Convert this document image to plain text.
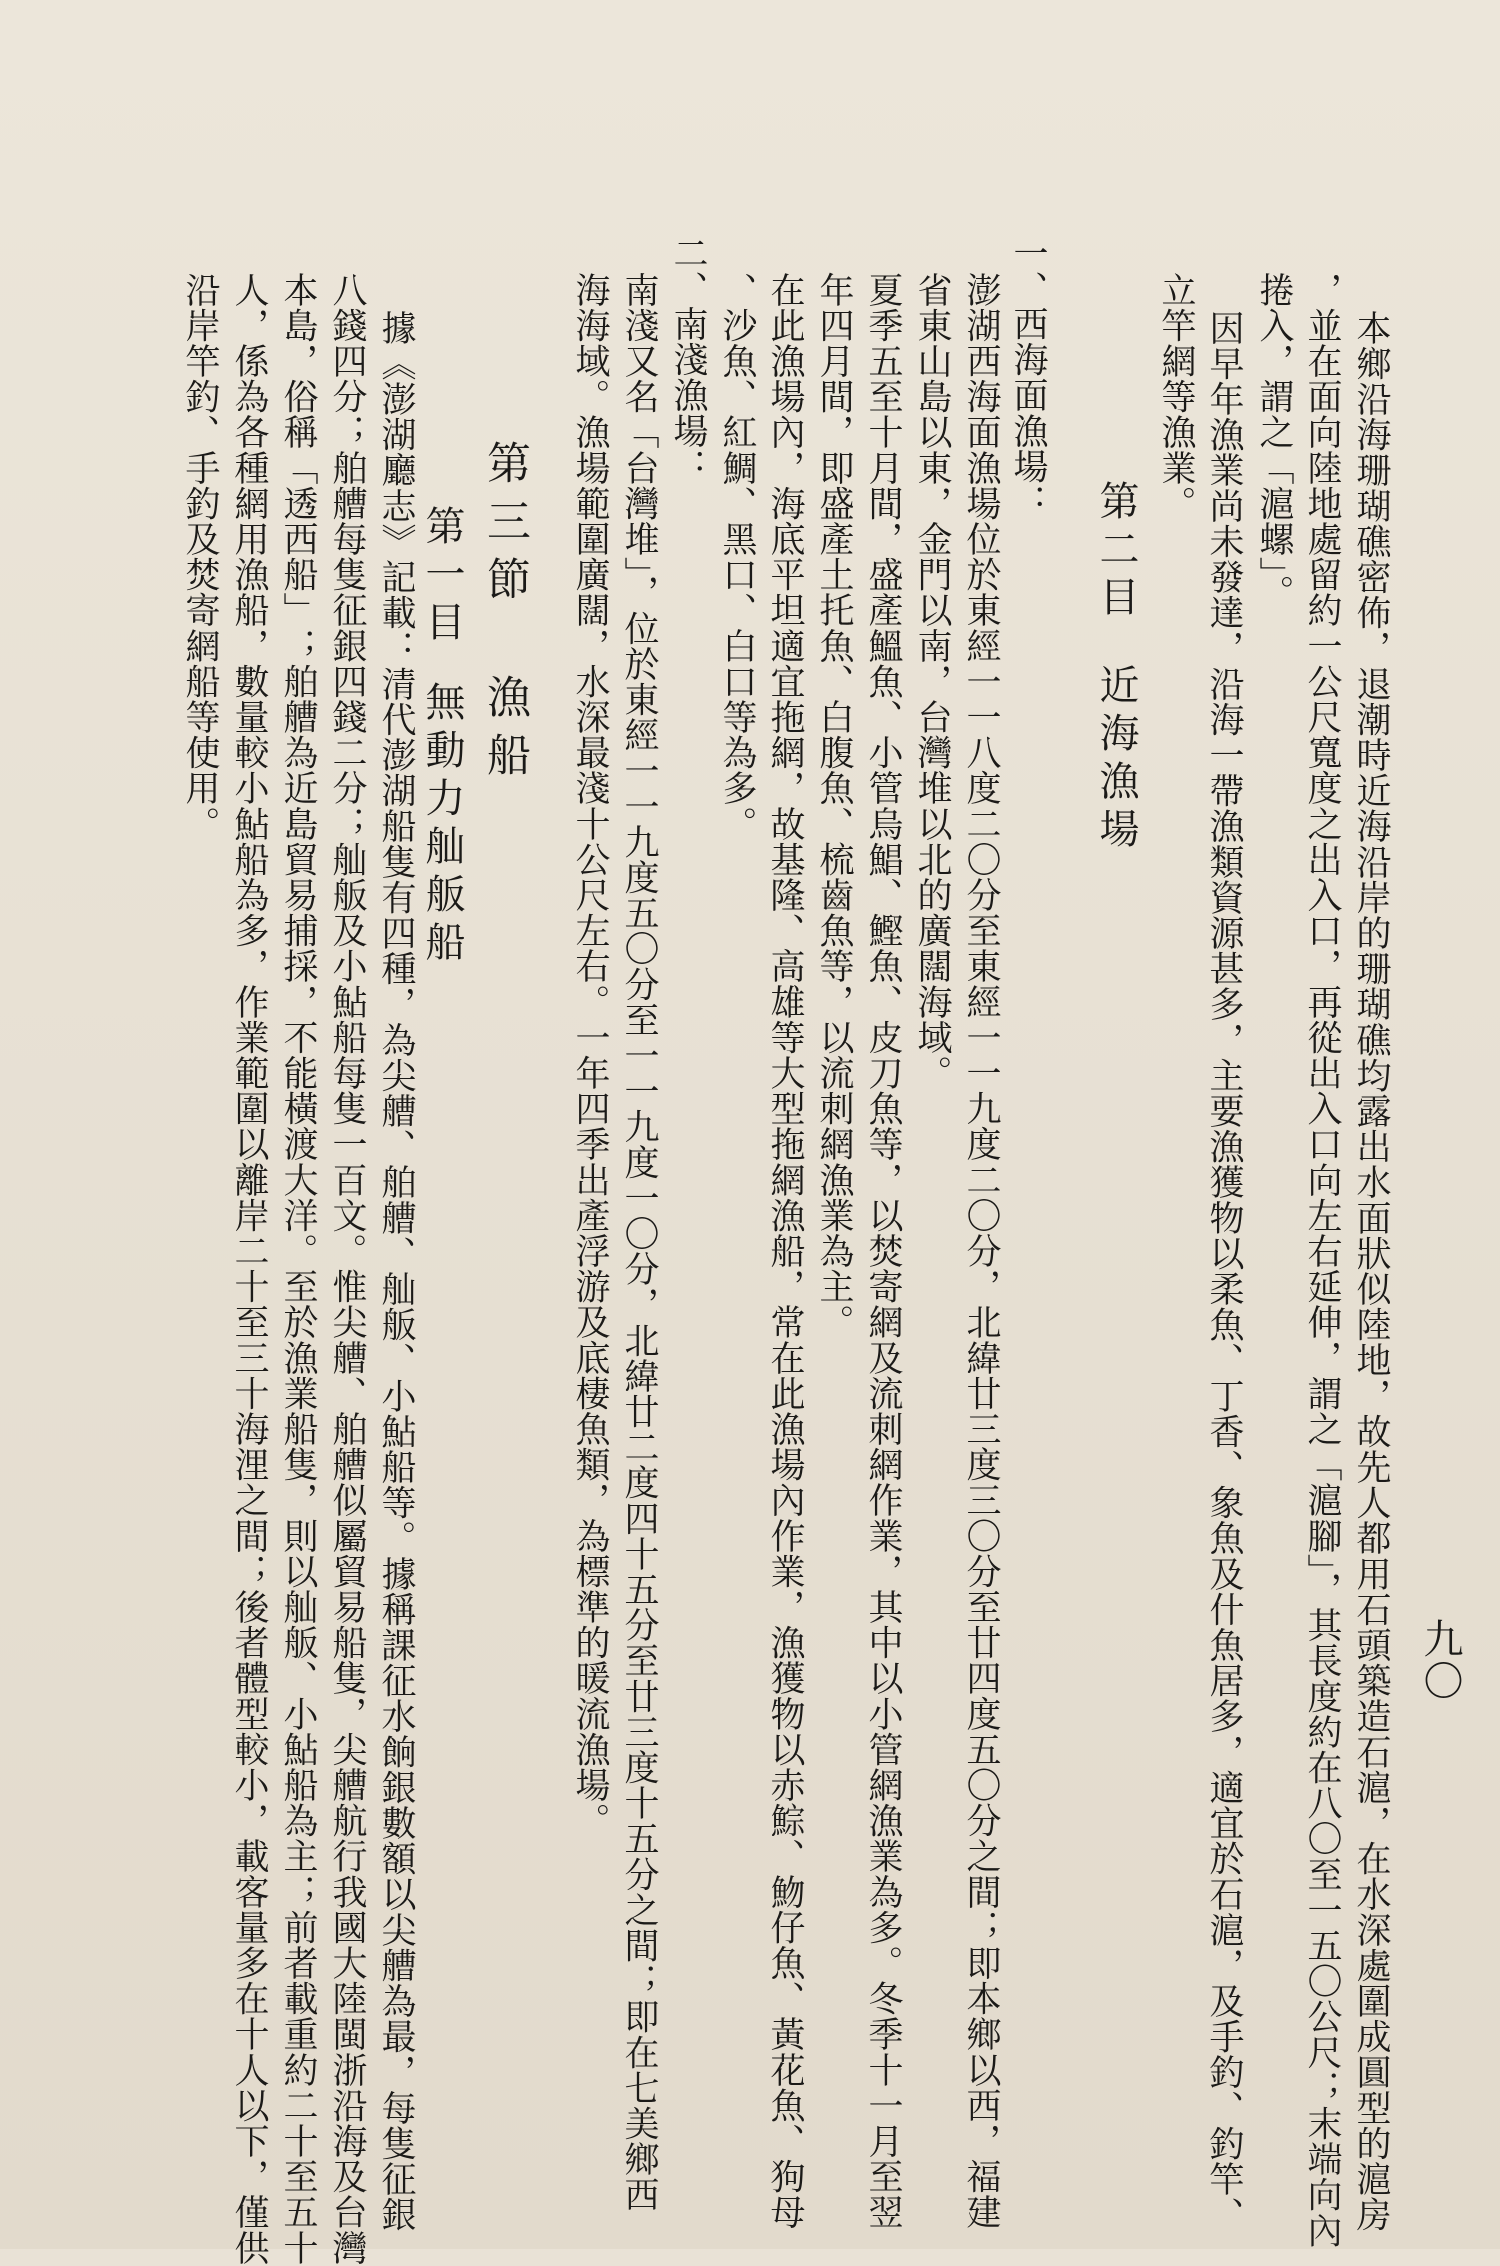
九〇
本鄉沿海珊瑚礁密佈，退潮時近海沿岸的珊瑚礁均露出水面狀似陸地，故先人都用石頭築造石滬，在水深處圍成圓型的滬房
，並在面向陸地處留約一公尺寬度之出入口，再從出入口向左右延伸，謂之「滬腳」，其長度約在八〇至一五〇公尺；末端向內
捲入，謂之「滬螺」。
因早年漁業尚未發達，沿海一帶漁類資源甚多，主要漁獲物以柔魚、丁香、象魚及什魚居多，適宜於石滬，及手釣、釣竿、
立竿網等漁業。
一、西海面漁場：
澎湖西海面漁場位於東經一一八度二〇分至東經一一九度二〇分，北緯廿三度三〇分至廿四度五〇分之間；即本鄉以西，福建
省東山島以東，金門以南，台灣堆以北的廣闊海域。
夏季五至十月間，盛產鰮魚、小管烏鯧、鰹魚、皮刀魚等，以焚寄網及流刺網作業，其中以小管網漁業為多。冬季十一月至翌
年四月間，即盛產土托魚、白腹魚、梳齒魚等，以流刺網漁業為主。
在此漁場內，海底平坦適宜拖網，故基隆、高雄等大型拖網漁船，常在此漁場內作業，漁獲物以赤鯮、魩仔魚、黃花魚、狗母
、沙魚、紅鯛、黑口、白口等為多。
二、南淺漁場：
南淺又名「台灣堆」，位於東經一一九度五〇分至一一九度一〇分，北緯廿二度四十五分至廿三度十五分之間；即在七美鄉西
海海域。漁場範圍廣闊，水深最淺十公尺左右。一年四季出產浮游及底棲魚類，為標準的暖流漁場。
據《澎湖廳志》記載：清代澎湖船隻有四種，為尖艚、舶艚、舢舨、小鮎船等。據稱課征水餉銀數額以尖艚為最，每隻征銀
八錢四分；舶艚每隻征銀四錢二分；舢舨及小鮎船每隻一百文。惟尖艚、舶艚似屬貿易船隻，尖艚航行我國大陸閩浙沿海及台灣
本島，俗稱「透西船」；舶艚為近島貿易捕採，不能橫渡大洋。至於漁業船隻，則以舢舨、小鮎船為主；前者載重約二十至五十
人，係為各種網用漁船，數量較小鮎船為多，作業範圍以離岸二十至三十海浬之間；後者體型較小，載客量多在十人以下，僅供
沿岸竿釣、手釣及焚寄網船等使用。	第二目近海漁場
第三節漁船
第一目無動力舢舨船
